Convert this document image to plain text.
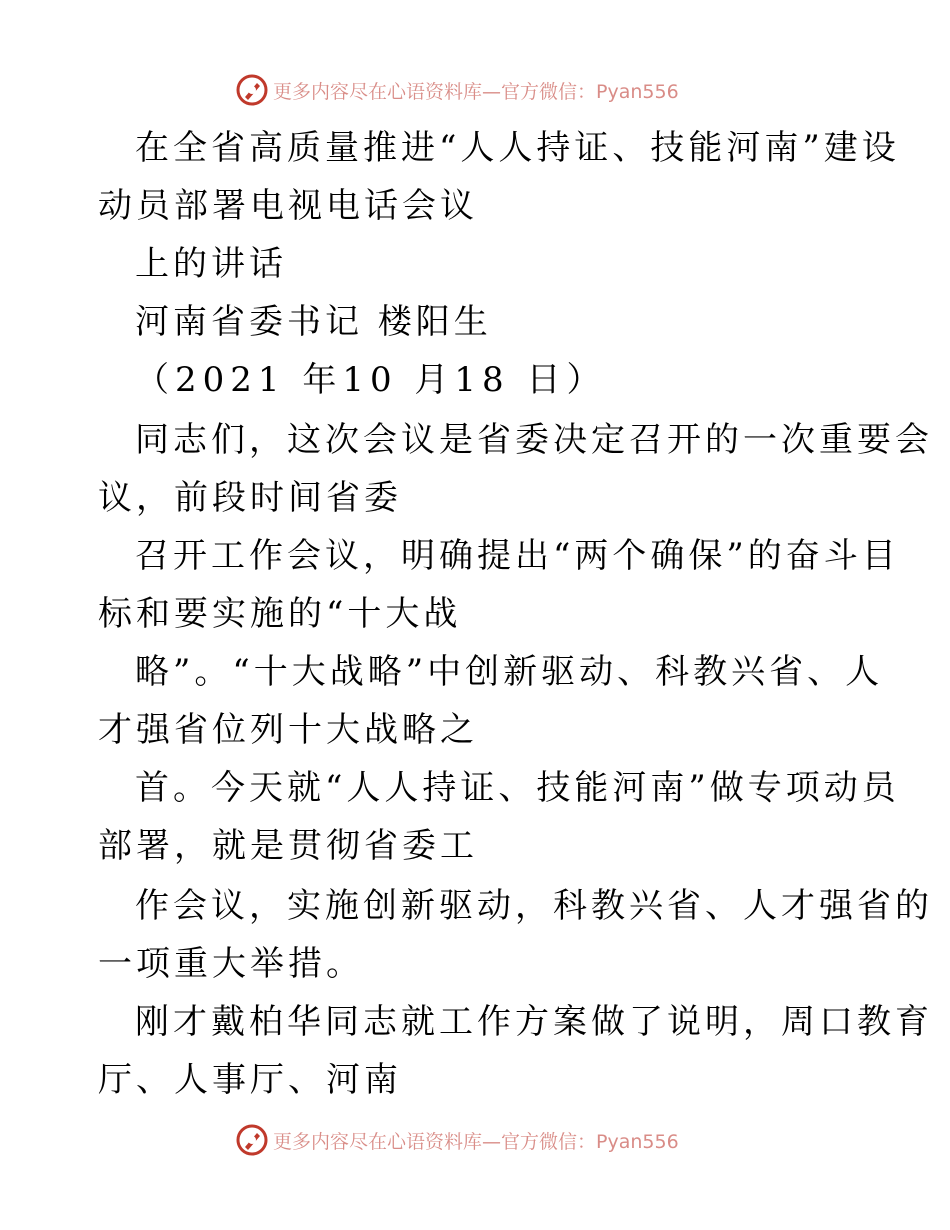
更多内容尽在心语资料库—官方微信：Pyan556
在全省高质量推进“人人持证、技能河南”建设
动员部署电视电话会议
上的讲话
河南省委书记 楼阳生
（2021 年10 月18 日）
同志们，这次会议是省委决定召开的一次重要会
议，前段时间省委
召开工作会议，明确提出“两个确保”的奋斗目
标和要实施的“十大战
略”。“十大战略”中创新驱动、科教兴省、人
才强省位列十大战略之
首。今天就“人人持证、技能河南”做专项动员
部署，就是贯彻省委工
作会议，实施创新驱动，科教兴省、人才强省的
一项重大举措。
刚才戴柏华同志就工作方案做了说明，周口教育
厅、人事厅、河南
更多内容尽在心语资料库—官方微信：Pyan556
